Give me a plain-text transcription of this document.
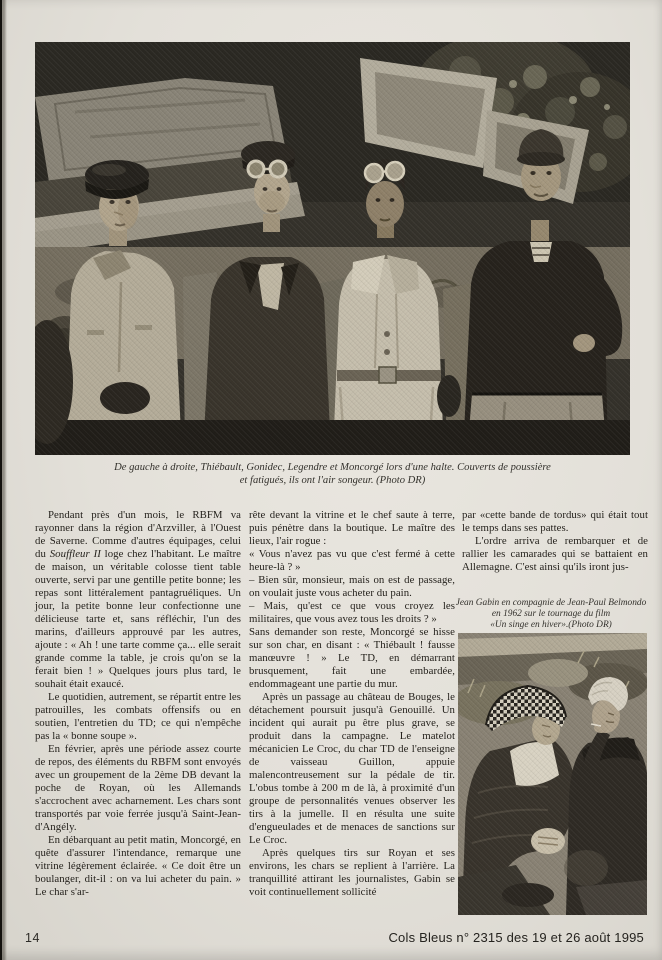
De gauche à droite, Thiébault, Gonidec, Legendre et Moncorgé lors d'une halte. Couverts de poussière
et fatigués, ils ont l'air songeur. (Photo DR)

Pendant près d'un mois, le RBFM va rayonner dans la région d'Arzviller, à l'Ouest de Saverne. Comme d'autres équipages, celui du Souffleur II loge chez l'habitant. Le maître de maison, un véritable colosse tient table ouverte, servi par une gentille petite bonne; les repas sont littéralement pantagruéliques. Un jour, la petite bonne leur confectionne une délicieuse tarte et, sans réfléchir, l'un des marins, d'ailleurs approuvé par les autres, ajoute : « Ah ! une tarte comme ça... elle serait grande comme la table, je crois qu'on se la ferait bien ! » Quelques jours plus tard, le souhait était exaucé.

Le quotidien, autrement, se répartit entre les patrouilles, les combats offensifs ou en soutien, l'entretien du TD; ce qui n'empêche pas la « bonne soupe ».

En février, après une période assez courte de repos, des éléments du RBFM sont envoyés avec un groupement de la 2ème DB devant la poche de Royan, où les Allemands s'accrochent avec acharnement. Les chars sont transportés par voie ferrée jusqu'à Saint-Jean-d'Angély.

En débarquant au petit matin, Moncorgé, en quête d'assurer l'intendance, remarque une vitrine légèrement éclairée. « Ce doit être un boulanger, dit-il : on va lui acheter du pain. » Le char s'ar-

rête devant la vitrine et le chef saute à terre, puis pénètre dans la boutique. Le maître des lieux, l'air rogue :

« Vous n'avez pas vu que c'est fermé à cette heure-là ? »

– Bien sûr, monsieur, mais on est de passage, on voulait juste vous acheter du pain.

– Mais, qu'est ce que vous croyez les militaires, que vous avez tous les droits ? »

Sans demander son reste, Moncorgé se hisse sur son char, en disant : « Thiébault ! fausse manœuvre ! » Le TD, en démarrant brusquement, fait une embardée, endommageant une partie du mur.

Après un passage au château de Bouges, le détachement poursuit jusqu'à Genouillé. Un incident qui aurait pu être plus grave, se produit dans la campagne. Le matelot mécanicien Le Croc, du char TD de l'enseigne de vaisseau Guillon, appuie malencontreusement sur la pédale de tir. L'obus tombe à 200 m de là, à proximité d'un groupe de personnalités venues observer les tirs à la jumelle. Il en résulta une suite d'engueulades et de menaces de sanctions sur Le Croc.

Après quelques tirs sur Royan et ses environs, les chars se replient à l'arrière. La tranquillité attirant les journalistes, Gabin se voit continuellement sollicité

par «cette bande de tordus» qui était tout le temps dans ses pattes.

L'ordre arriva de rembarquer et de rallier les camarades qui se battaient en Allemagne. C'est ainsi qu'ils iront jus-

Jean Gabin en compagnie de Jean-Paul Belmondo
en 1962 sur le tournage du film
«Un singe en hiver».(Photo DR)
14	Cols Bleus n° 2315 des 19 et 26 août 1995
